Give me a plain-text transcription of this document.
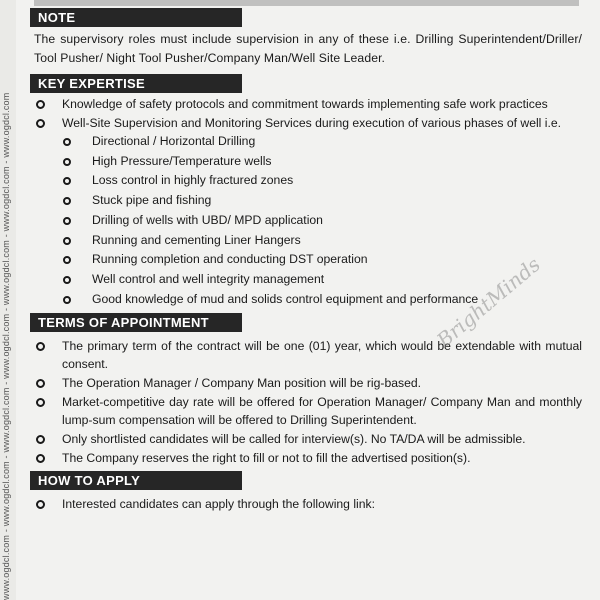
www.ogdcl.com - www.ogdcl.com - www.ogdcl.com - www.ogdcl.com - www.ogdcl.com - www.ogdcl.com - www.ogdcl.com
NOTE
The supervisory roles must include supervision in any of these i.e. Drilling Superintendent/Driller/ Tool Pusher/ Night Tool Pusher/Company Man/Well Site Leader.
KEY EXPERTISE
Knowledge of safety protocols and commitment towards implementing safe work practices
Well-Site Supervision and Monitoring Services during execution of various phases of well i.e.
Directional / Horizontal Drilling
High Pressure/Temperature wells
Loss control in highly fractured zones
Stuck pipe and fishing
Drilling of wells with UBD/ MPD application
Running and cementing Liner Hangers
Running completion and conducting DST operation
Well control and well integrity management
Good knowledge of mud and solids control equipment and performance
TERMS OF APPOINTMENT
The primary term of the contract will be one (01) year, which would be extendable with mutual consent.
The Operation Manager / Company Man position will be rig-based.
Market-competitive day rate will be offered for Operation Manager/ Company Man and monthly lump-sum compensation will be offered to Drilling Superintendent.
Only shortlisted candidates will be called for interview(s). No TA/DA will be admissible.
The Company reserves the right to fill or not to fill the advertised position(s).
HOW TO APPLY
Interested candidates can apply through the following link:
BrightMinds
